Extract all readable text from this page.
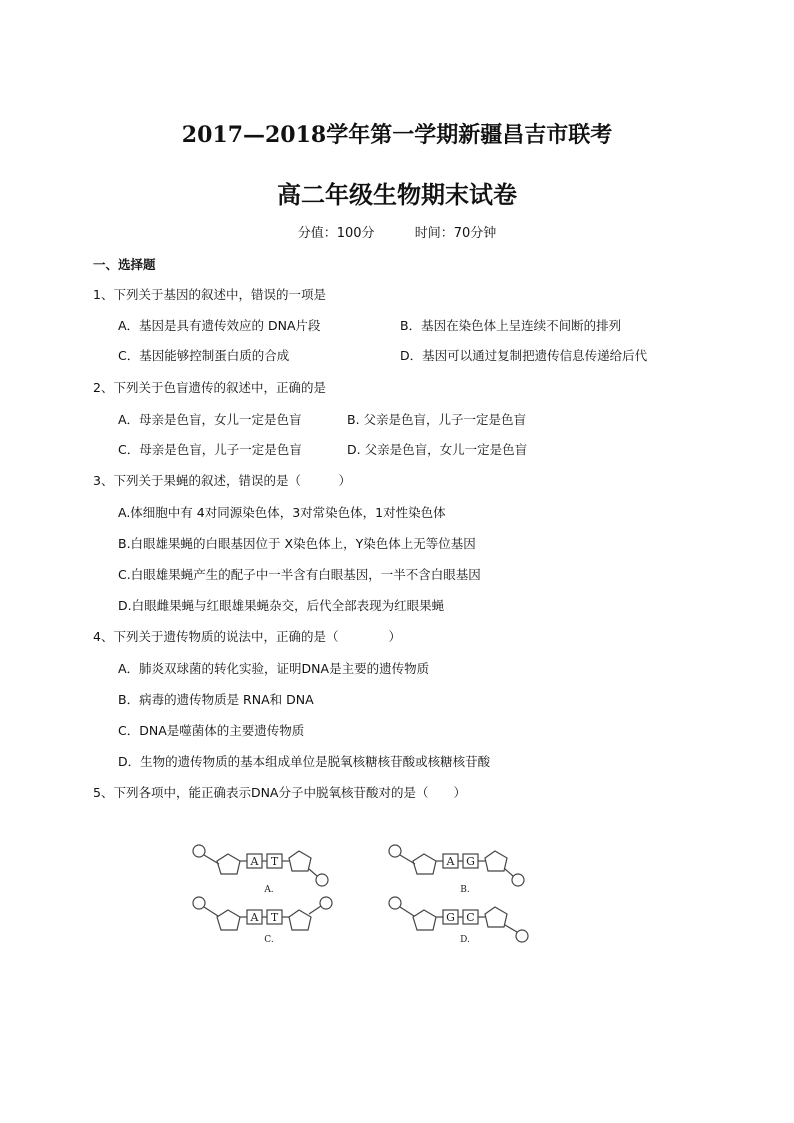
2017—2018学年第一学期新疆昌吉市联考
高二年级生物期末试卷
分值：100分	时间：70分钟
一、选择题
1、下列关于基因的叙述中，错误的一项是
A．基因是具有遗传效应的 DNA片段	B．基因在染色体上呈连续不间断的排列
C．基因能够控制蛋白质的合成	D．基因可以通过复制把遗传信息传递给后代
2、下列关于色盲遗传的叙述中，正确的是
A．母亲是色盲，女儿一定是色盲	B. 父亲是色盲，儿子一定是色盲
C．母亲是色盲，儿子一定是色盲	D. 父亲是色盲，女儿一定是色盲
3、下列关于果蝇的叙述，错误的是（　　　）
A.体细胞中有 4对同源染色体，3对常染色体，1对性染色体
B.白眼雄果蝇的白眼基因位于 X染色体上，Y染色体上无等位基因
C.白眼雄果蝇产生的配子中一半含有白眼基因，一半不含白眼基因
D.白眼雌果蝇与红眼雄果蝇杂交，后代全部表现为红眼果蝇
4、下列关于遗传物质的说法中，正确的是（　　　　）
A．肺炎双球菌的转化实验，证明DNA是主要的遗传物质
B．病毒的遗传物质是 RNA和 DNA
C．DNA是噬菌体的主要遗传物质
D．生物的遗传物质的基本组成单位是脱氧核糖核苷酸或核糖核苷酸
5、下列各项中，能正确表示DNA分子中脱氧核苷酸对的是（　　）
A T
A.
A G
B.
A T
C.
G C
D.
